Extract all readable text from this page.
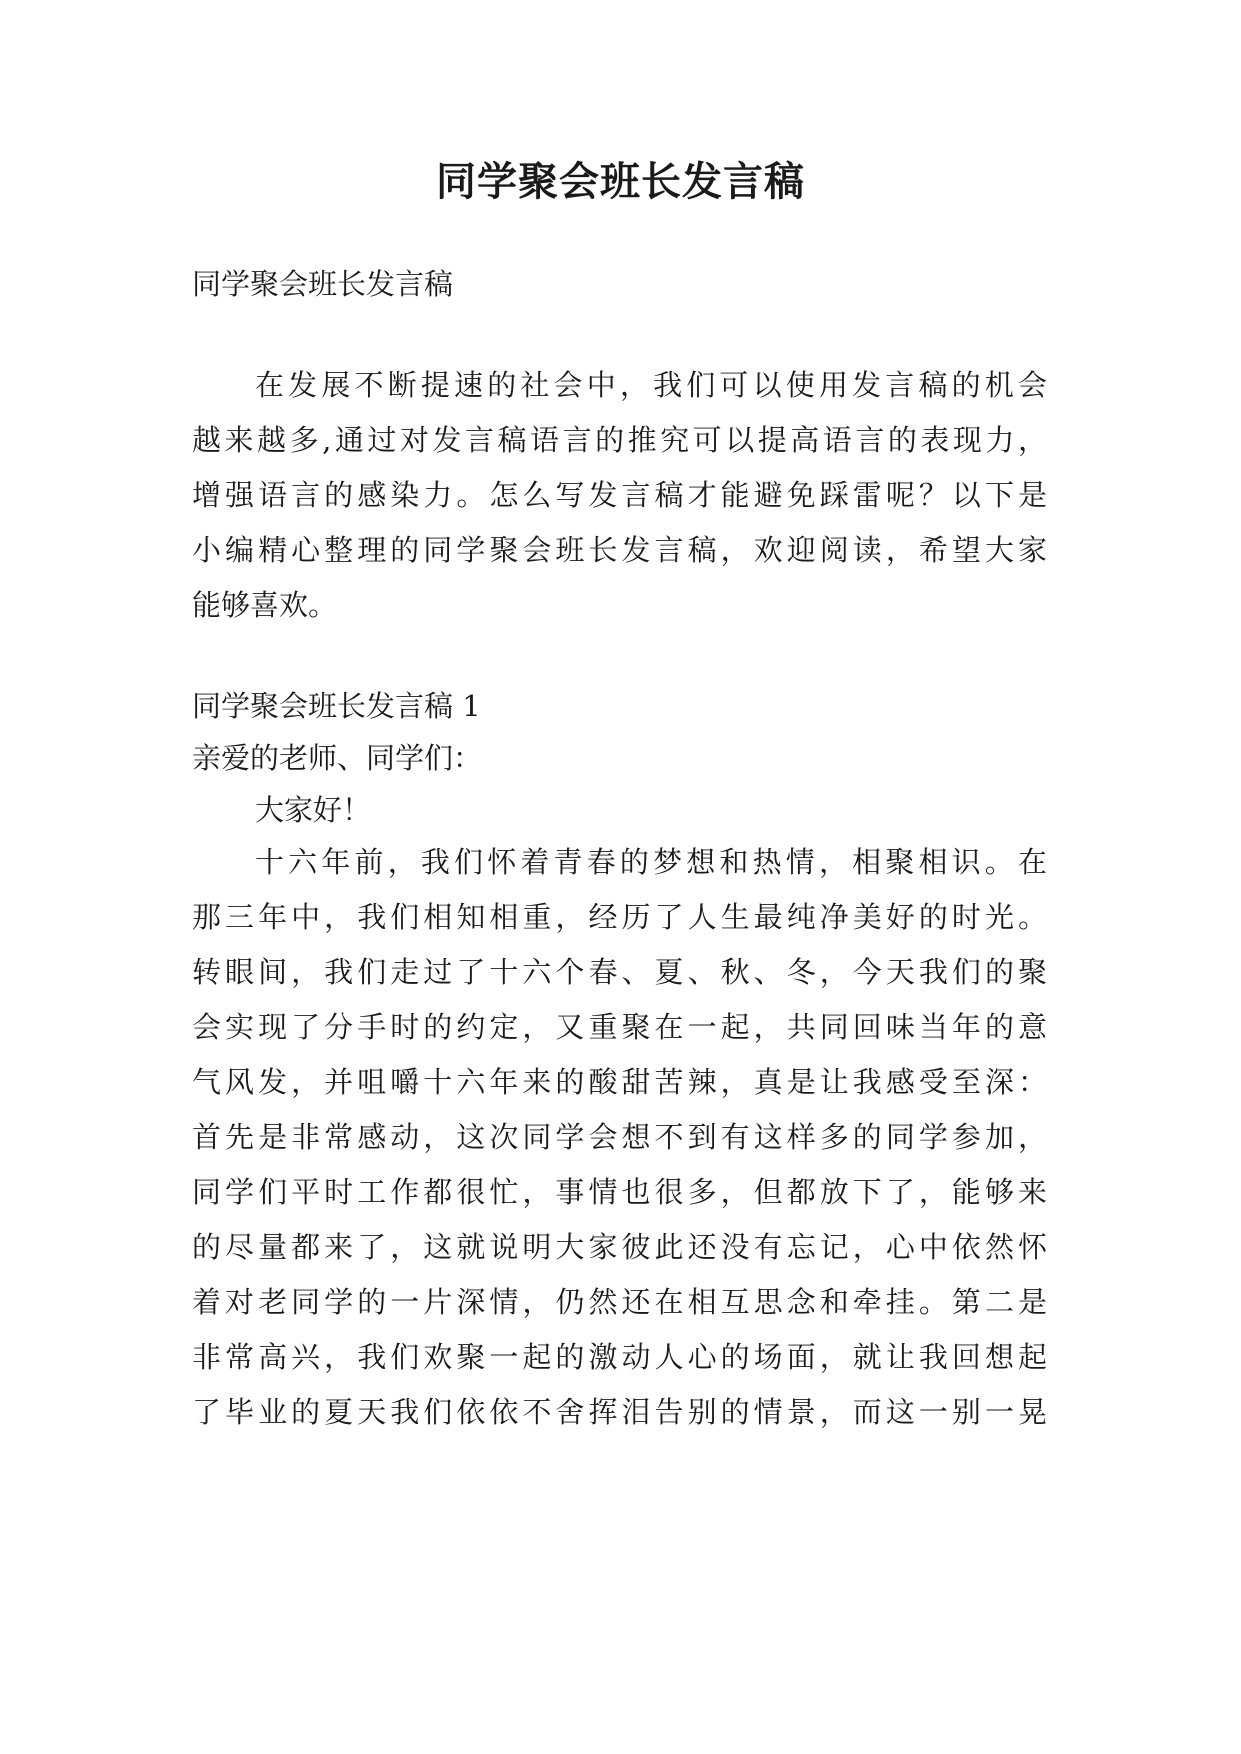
同学聚会班长发言稿
同学聚会班长发言稿
在发展不断提速的社会中，我们可以使用发言稿的机会
越来越多,通过对发言稿语言的推究可以提高语言的表现力，
增强语言的感染力。怎么写发言稿才能避免踩雷呢？以下是
小编精心整理的同学聚会班长发言稿，欢迎阅读，希望大家
能够喜欢。
同学聚会班长发言稿 1
亲爱的老师、同学们：
大家好！
十六年前，我们怀着青春的梦想和热情，相聚相识。在
那三年中，我们相知相重，经历了人生最纯净美好的时光。
转眼间，我们走过了十六个春、夏、秋、冬，今天我们的聚
会实现了分手时的约定，又重聚在一起，共同回味当年的意
气风发，并咀嚼十六年来的酸甜苦辣，真是让我感受至深：
首先是非常感动，这次同学会想不到有这样多的同学参加，
同学们平时工作都很忙，事情也很多，但都放下了，能够来
的尽量都来了，这就说明大家彼此还没有忘记，心中依然怀
着对老同学的一片深情，仍然还在相互思念和牵挂。第二是
非常高兴，我们欢聚一起的激动人心的场面，就让我回想起
了毕业的夏天我们依依不舍挥泪告别的情景，而这一别一晃
